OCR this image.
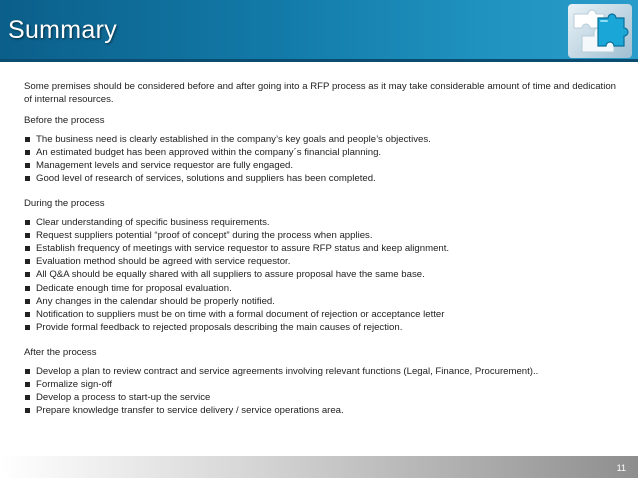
Summary
Some premises should be considered before and after going into a RFP process as it may take considerable amount of time and dedication of internal resources.
Before the process
The business need is clearly established in the company’s key goals and people’s objectives.
An estimated budget has been approved within the company´s financial planning.
Management levels and service requestor are fully engaged.
Good level of research of services, solutions and suppliers has been completed.
During the process
Clear understanding of specific business requirements.
Request suppliers potential “proof of concept” during the process when applies.
Establish frequency of meetings with service requestor to assure RFP status and keep alignment.
Evaluation method should be agreed with service requestor.
All Q&A should be equally shared with all suppliers to assure proposal have the same base.
Dedicate enough time for proposal evaluation.
Any changes in the calendar should be properly notified.
Notification to suppliers must be on time with a formal document of rejection or acceptance letter
Provide formal feedback to rejected proposals describing the main causes of rejection.
After the process
Develop a plan to review contract and service agreements involving relevant functions (Legal, Finance, Procurement)..
Formalize sign-off
Develop a process to start-up the service
Prepare knowledge transfer to service delivery / service operations area.
11
